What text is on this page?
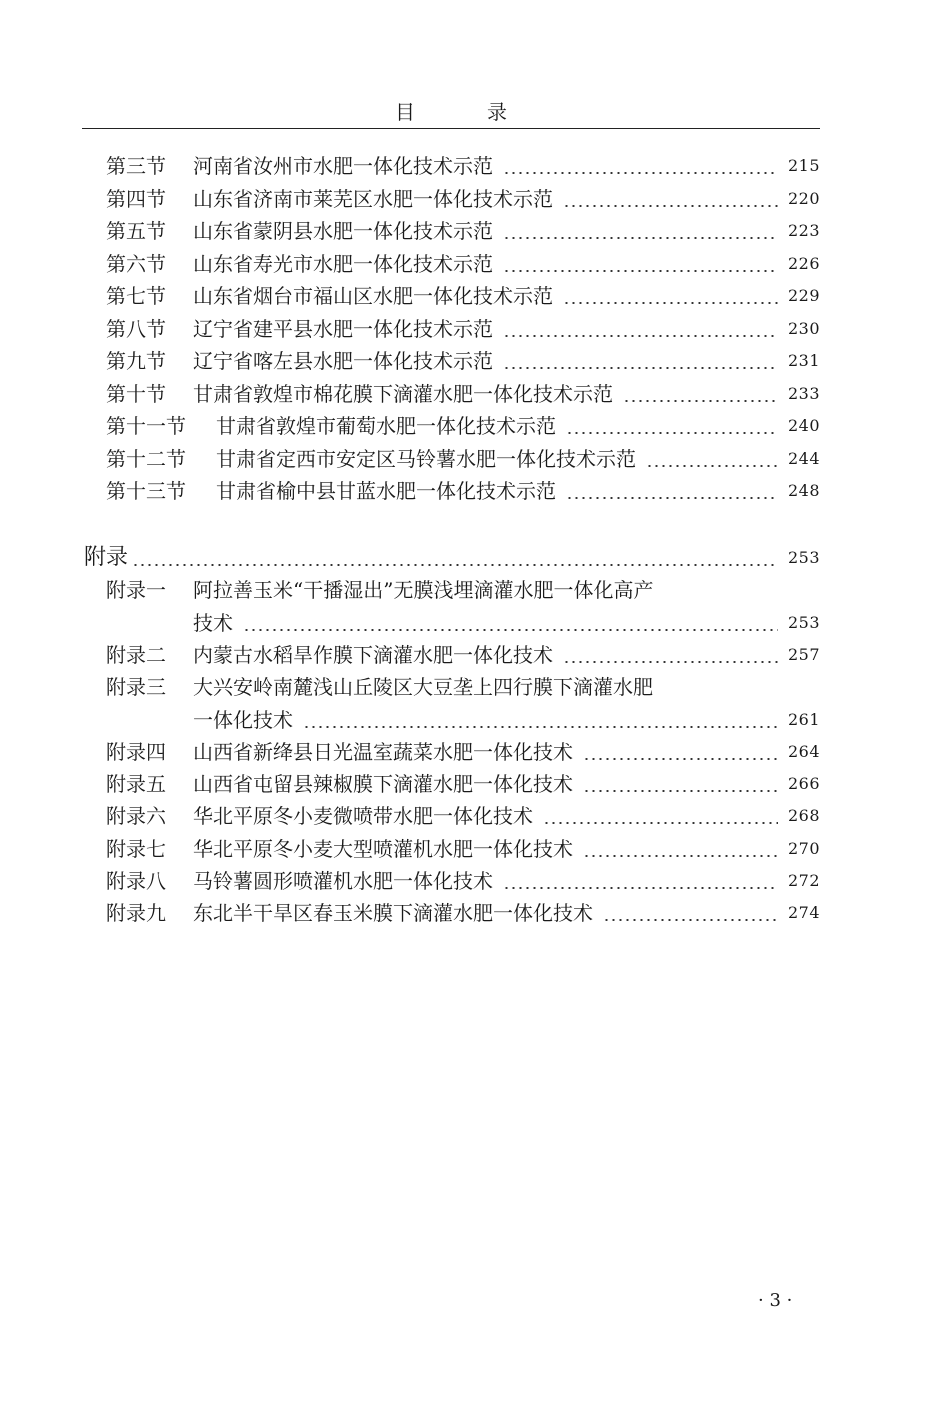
目 录
第三节	河南省汝州市水肥一体化技术示范	215
第四节	山东省济南市莱芜区水肥一体化技术示范	220
第五节	山东省蒙阴县水肥一体化技术示范	223
第六节	山东省寿光市水肥一体化技术示范	226
第七节	山东省烟台市福山区水肥一体化技术示范	229
第八节	辽宁省建平县水肥一体化技术示范	230
第九节	辽宁省喀左县水肥一体化技术示范	231
第十节	甘肃省敦煌市棉花膜下滴灌水肥一体化技术示范	233
第十一节	甘肃省敦煌市葡萄水肥一体化技术示范	240
第十二节	甘肃省定西市安定区马铃薯水肥一体化技术示范	244
第十三节	甘肃省榆中县甘蓝水肥一体化技术示范	248
附录	253
附录一	阿拉善玉米“干播湿出”无膜浅埋滴灌水肥一体化高产
技术	253
附录二	内蒙古水稻旱作膜下滴灌水肥一体化技术	257
附录三	大兴安岭南麓浅山丘陵区大豆垄上四行膜下滴灌水肥
一体化技术	261
附录四	山西省新绛县日光温室蔬菜水肥一体化技术	264
附录五	山西省屯留县辣椒膜下滴灌水肥一体化技术	266
附录六	华北平原冬小麦微喷带水肥一体化技术	268
附录七	华北平原冬小麦大型喷灌机水肥一体化技术	270
附录八	马铃薯圆形喷灌机水肥一体化技术	272
附录九	东北半干旱区春玉米膜下滴灌水肥一体化技术	274
· 3 ·
